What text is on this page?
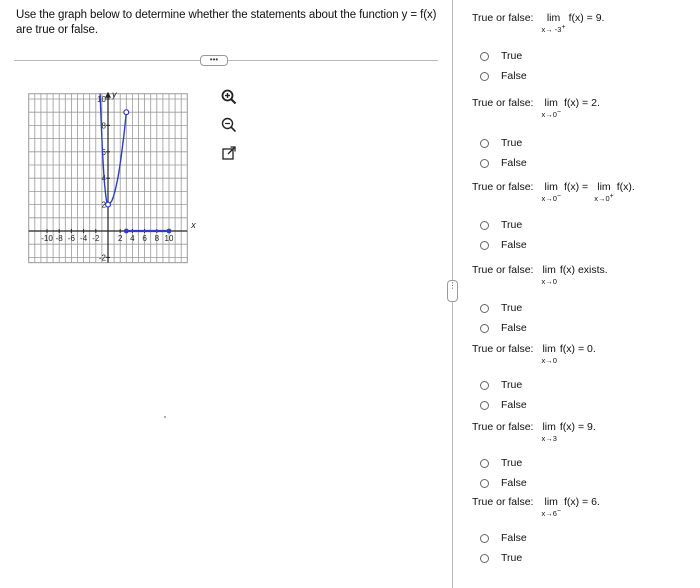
Use the graph below to determine whether the statements about the function y = f(x)
are true or false.
•••
y
x
10
8
6
4
2
-2
-10 -8 -6 -4 -2 2 4 6 8 10
⋮
True or false: lim
x→ -3+
f(x) = 9.
True
False
True or false: lim
x→0−
f(x) = 2.
True
False
True or false: lim
x→0−
f(x) = lim
x→0+
f(x).
True
False
True or false: lim
x→0
f(x) exists.
True
False
True or false: lim
x→0
f(x) = 0.
True
False
True or false: lim
x→3
f(x) = 9.
True
False
True or false: lim
x→6−
f(x) = 6.
False
True
